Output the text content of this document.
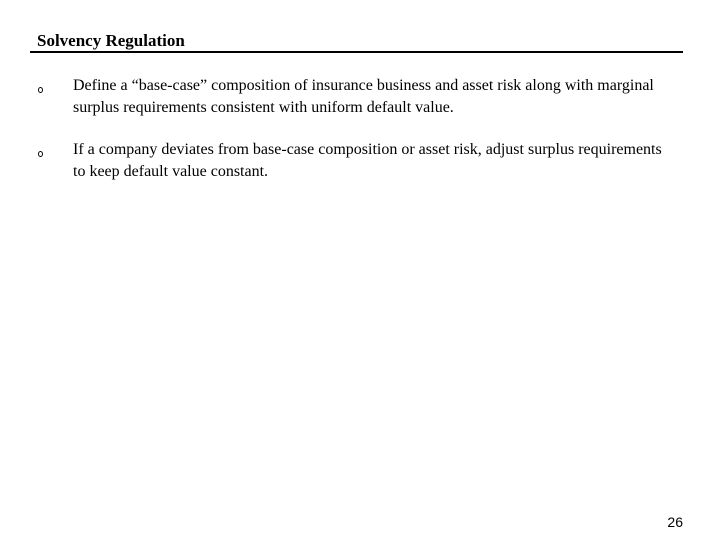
Solvency Regulation
Define a “base-case” composition of insurance business and asset risk along with marginal surplus requirements consistent with uniform default value.
If a company deviates from base-case composition or asset risk, adjust surplus requirements to keep default value constant.
26
